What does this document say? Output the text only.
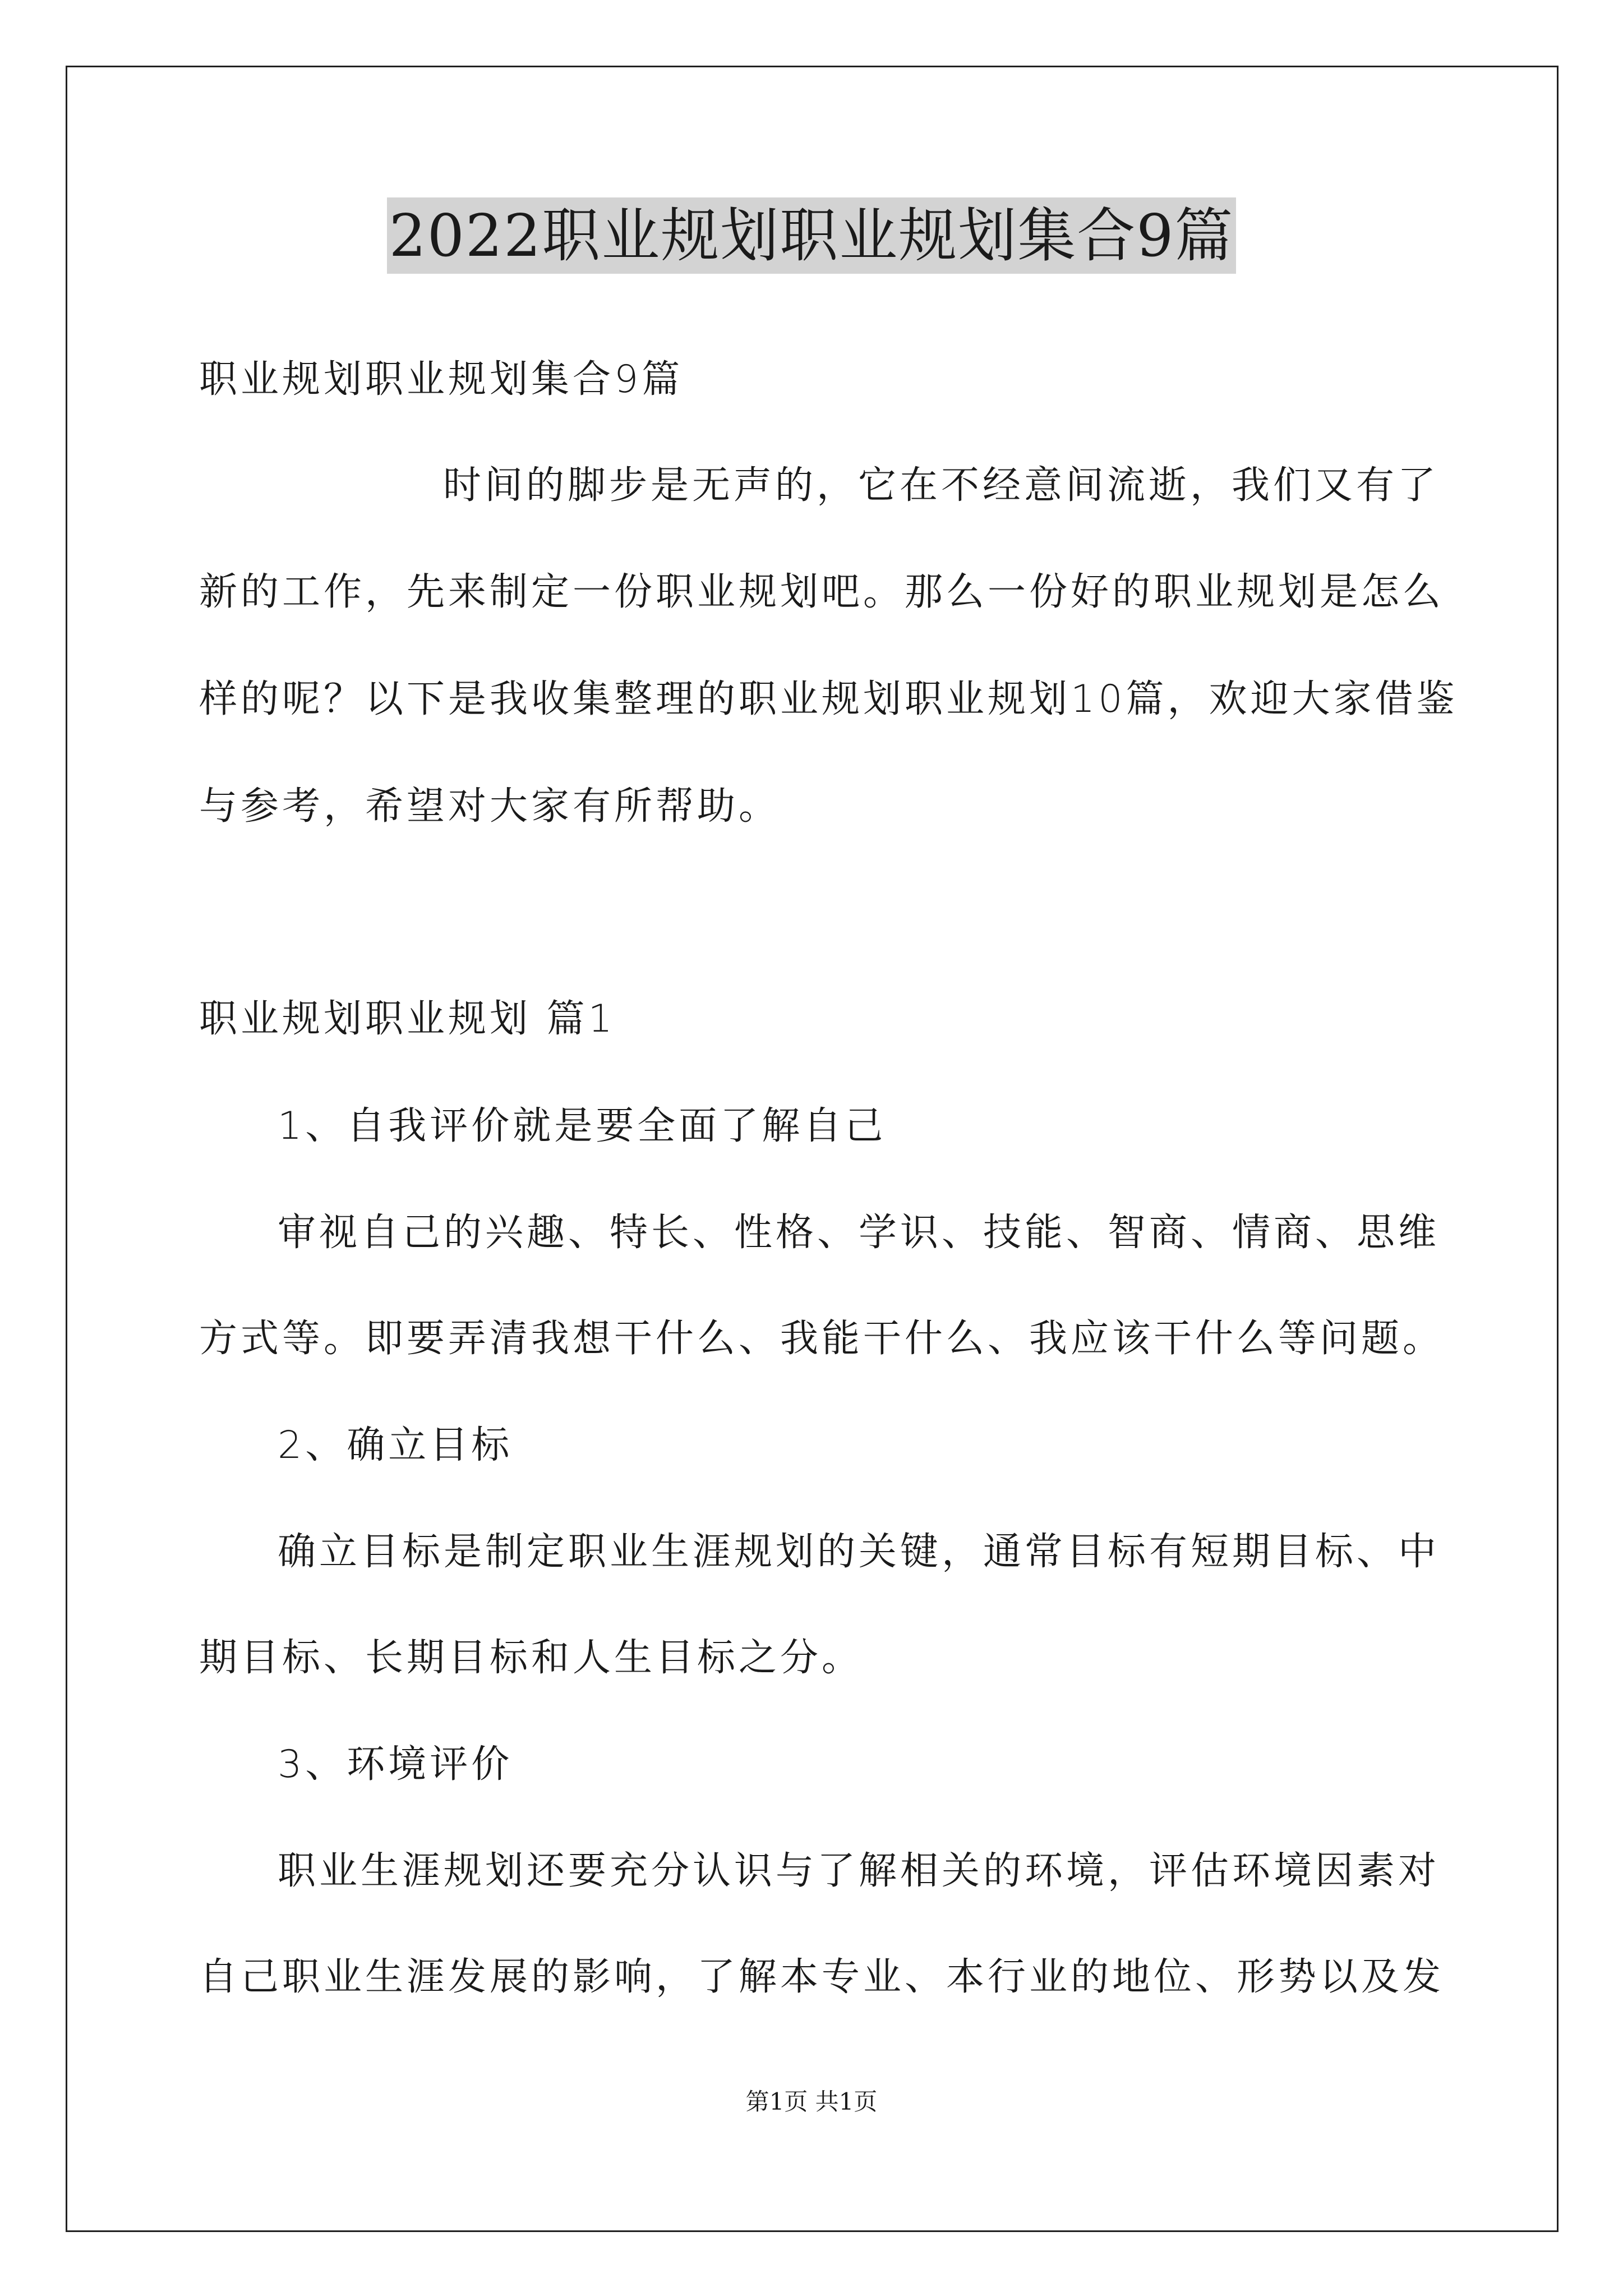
2022职业规划职业规划集合9篇
职业规划职业规划集合9篇
时间的脚步是无声的，它在不经意间流逝，我们又有了
新的工作，先来制定一份职业规划吧。那么一份好的职业规划是怎么
样的呢？以下是我收集整理的职业规划职业规划10篇，欢迎大家借鉴
与参考，希望对大家有所帮助。
职业规划职业规划 篇1
1、自我评价就是要全面了解自己
审视自己的兴趣、特长、性格、学识、技能、智商、情商、思维
方式等。即要弄清我想干什么、我能干什么、我应该干什么等问题。
2、确立目标
确立目标是制定职业生涯规划的关键，通常目标有短期目标、中
期目标、长期目标和人生目标之分。
3、环境评价
职业生涯规划还要充分认识与了解相关的环境，评估环境因素对
自己职业生涯发展的影响，了解本专业、本行业的地位、形势以及发
第1页 共1页
